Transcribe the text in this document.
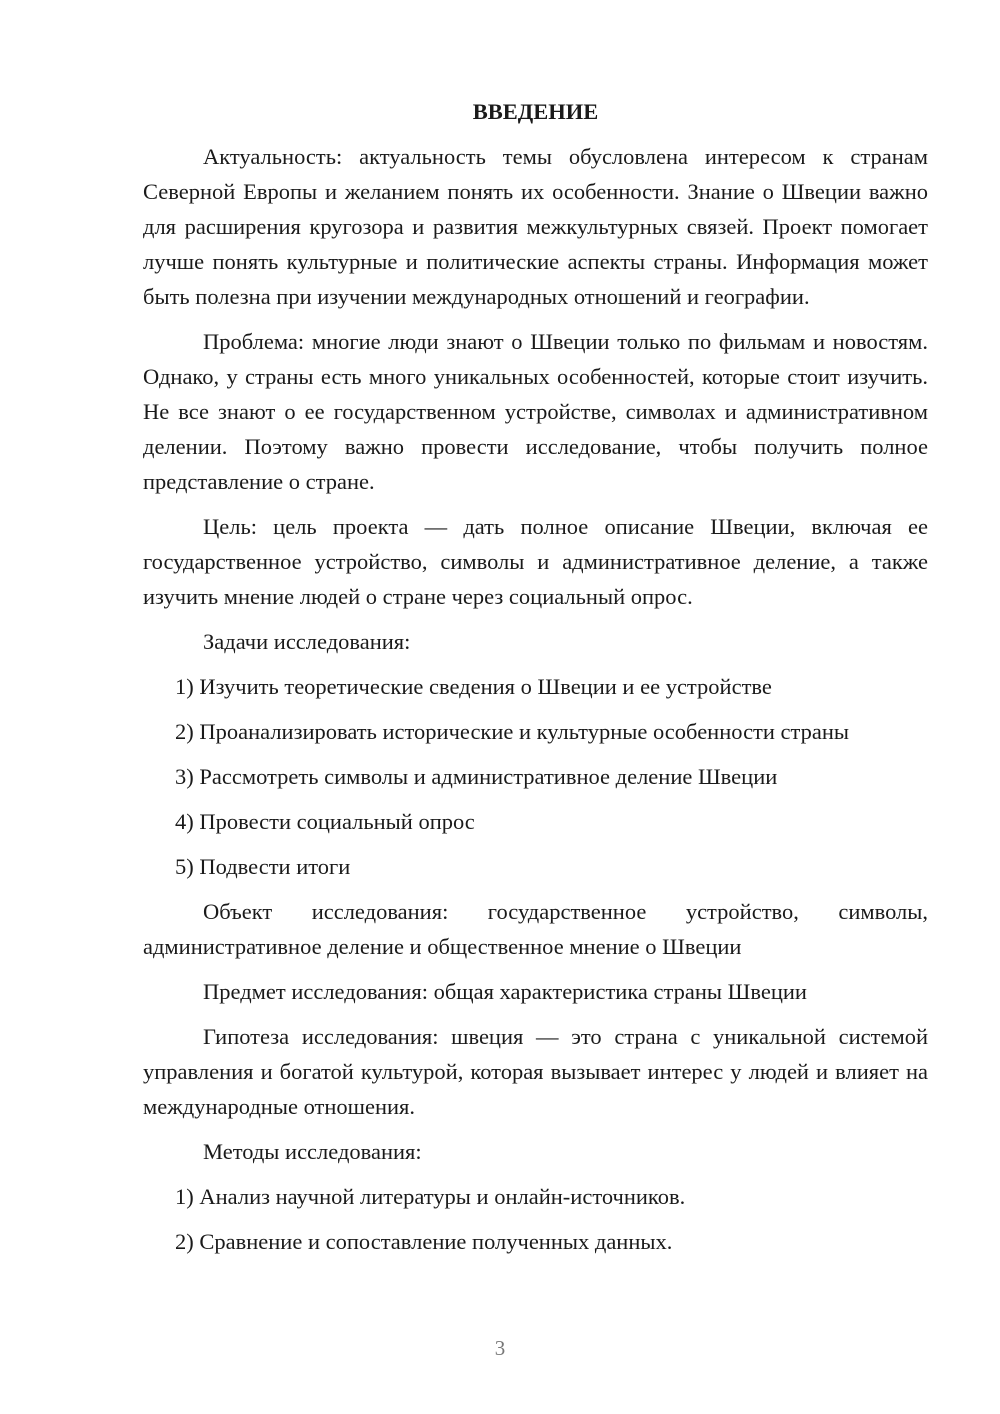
ВВЕДЕНИЕ

Актуальность: актуальность темы обусловлена интересом к странам Северной Европы и желанием понять их особенности. Знание о Швеции важно для расширения кругозора и развития межкультурных связей. Проект помогает лучше понять культурные и политические аспекты страны. Информация может быть полезна при изучении международных отношений и географии.

Проблема: многие люди знают о Швеции только по фильмам и новостям. Однако, у страны есть много уникальных особенностей, которые стоит изучить. Не все знают о ее государственном устройстве, символах и административном делении. Поэтому важно провести исследование, чтобы получить полное представление о стране.

Цель: цель проекта — дать полное описание Швеции, включая ее государственное устройство, символы и административное деление, а также изучить мнение людей о стране через социальный опрос.

Задачи исследования:

1) Изучить теоретические сведения о Швеции и ее устройстве

2) Проанализировать исторические и культурные особенности страны

3) Рассмотреть символы и административное деление Швеции

4) Провести социальный опрос

5) Подвести итоги

Объект исследования: государственное устройство, символы, административное деление и общественное мнение о Швеции

Предмет исследования: общая характеристика страны Швеции

Гипотеза исследования: швеция — это страна с уникальной системой управления и богатой культурой, которая вызывает интерес у людей и влияет на международные отношения.

Методы исследования:

1) Анализ научной литературы и онлайн-источников.

2) Сравнение и сопоставление полученных данных.

3
